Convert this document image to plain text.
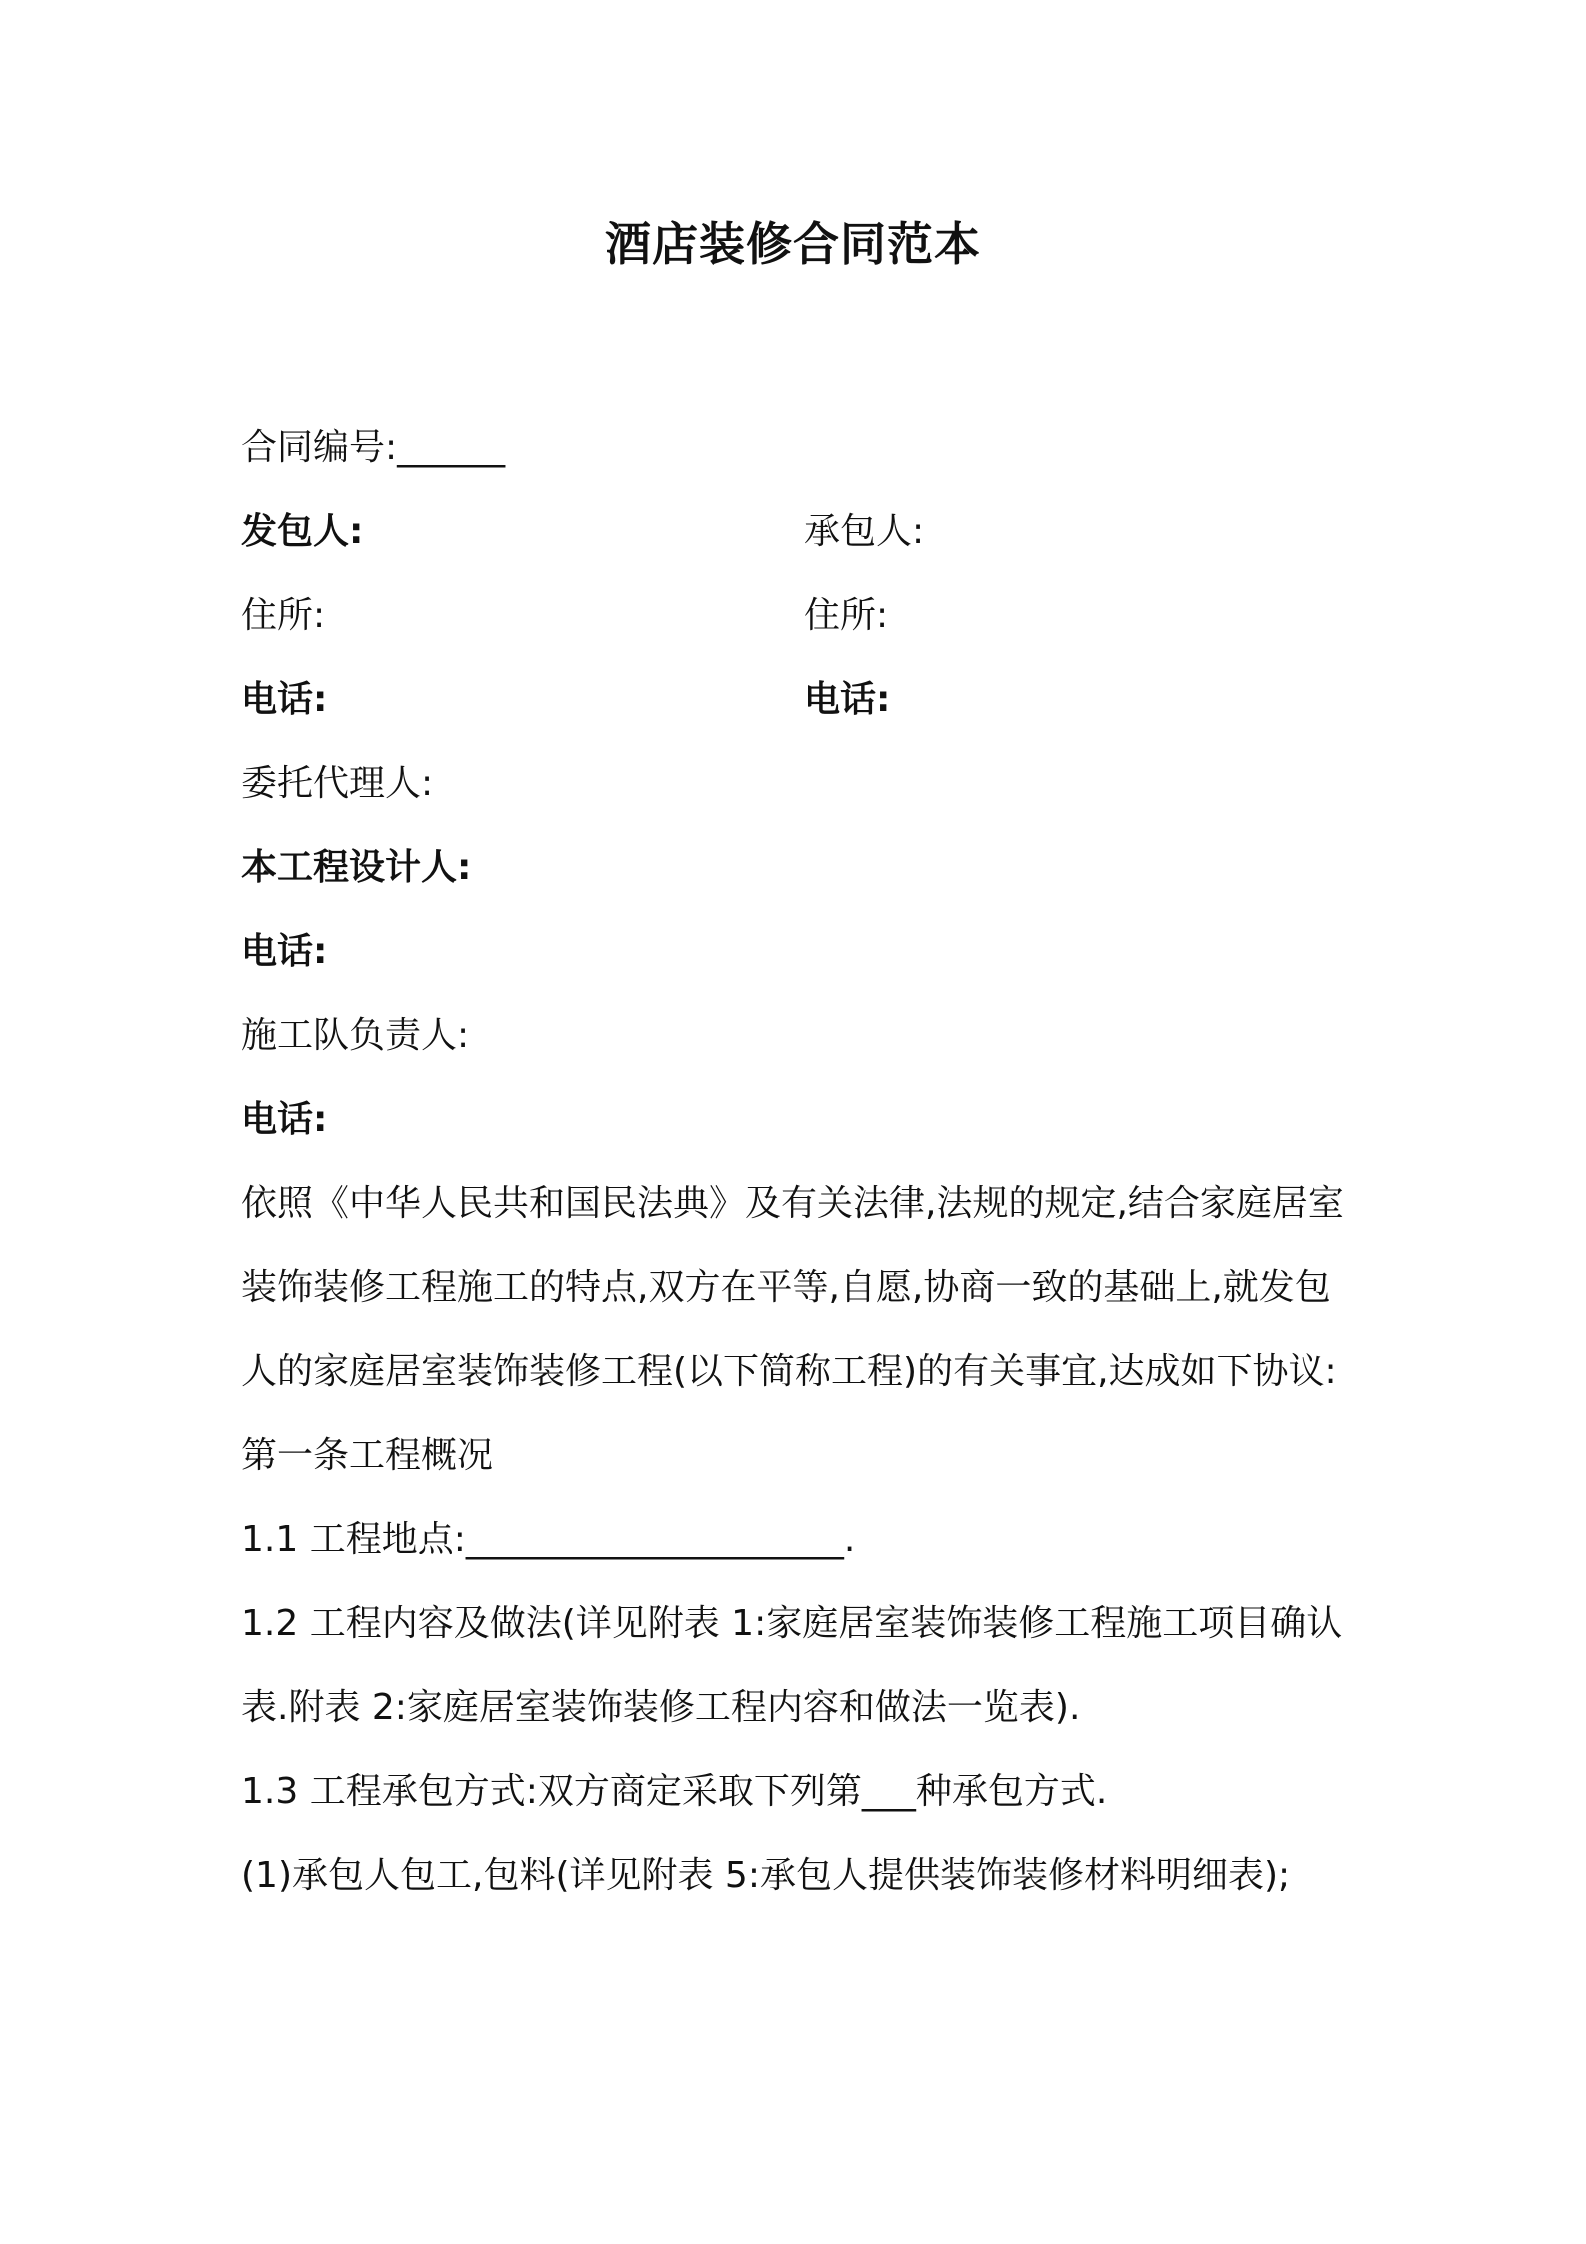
酒店装修合同范本
合同编号:______
发包人:	承包人:
住所:	住所:
电话:	电话:
委托代理人:
本工程设计人:
电话:
施工队负责人:
电话:
依照《中华人民共和国民法典》及有关法律,法规的规定,结合家庭居室装饰装修工程施工的特点,双方在平等,自愿,协商一致的基础上,就发包人的家庭居室装饰装修工程(以下简称工程)的有关事宜,达成如下协议:
第一条工程概况
1.1 工程地点:_____________________.
1.2 工程内容及做法(详见附表 1:家庭居室装饰装修工程施工项目确认表.附表 2:家庭居室装饰装修工程内容和做法一览表).
1.3 工程承包方式:双方商定采取下列第___种承包方式.
(1)承包人包工,包料(详见附表 5:承包人提供装饰装修材料明细表);
